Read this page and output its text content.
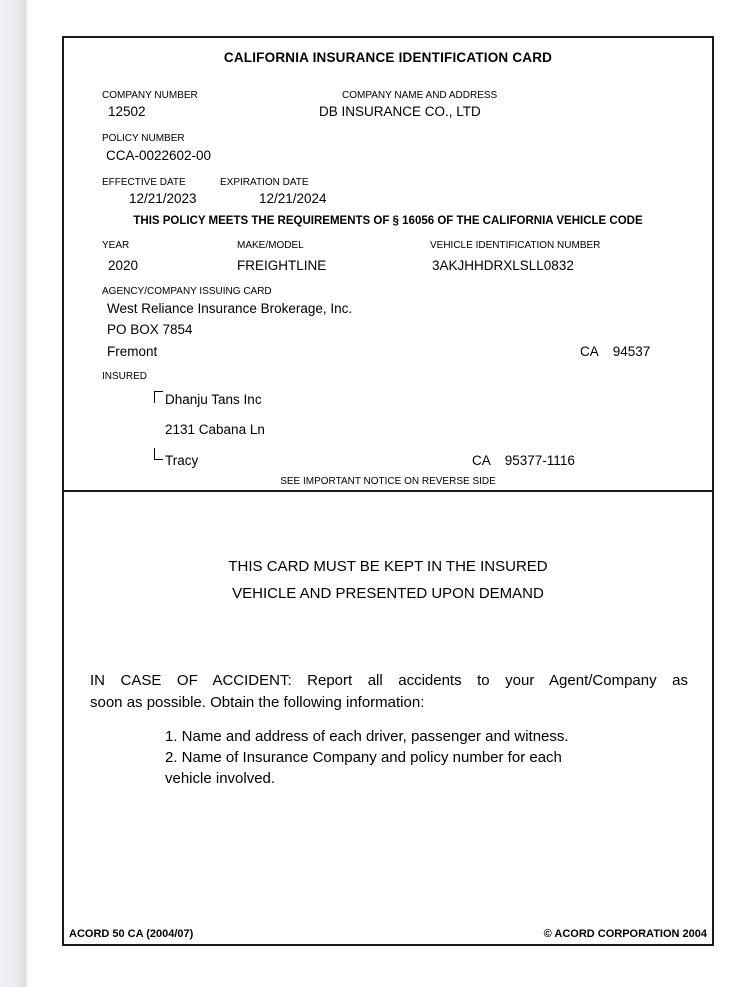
CALIFORNIA INSURANCE IDENTIFICATION CARD
COMPANY NUMBER
12502
COMPANY NAME AND ADDRESS
DB INSURANCE CO., LTD
POLICY NUMBER
CCA-0022602-00
EFFECTIVE DATE	EXPIRATION DATE
12/21/2023	12/21/2024
THIS POLICY MEETS THE REQUIREMENTS OF § 16056 OF THE CALIFORNIA VEHICLE CODE
YEAR	MAKE/MODEL	VEHICLE IDENTIFICATION NUMBER
2020	FREIGHTLINE	3AKJHHDRXLSLL0832
AGENCY/COMPANY ISSUING CARD
West Reliance Insurance Brokerage, Inc.
PO BOX 7854
Fremont	CA 94537
INSURED
Dhanju Tans Inc
2131 Cabana Ln
Tracy	CA 95377-1116
SEE IMPORTANT NOTICE ON REVERSE SIDE
THIS CARD MUST BE KEPT IN THE INSURED
VEHICLE AND PRESENTED UPON DEMAND
IN CASE OF ACCIDENT: Report all accidents to your Agent/Company as
soon as possible. Obtain the following information:
1. Name and address of each driver, passenger and witness.
2. Name of Insurance Company and policy number for each
vehicle involved.
ACORD 50 CA (2004/07)	© ACORD CORPORATION 2004
